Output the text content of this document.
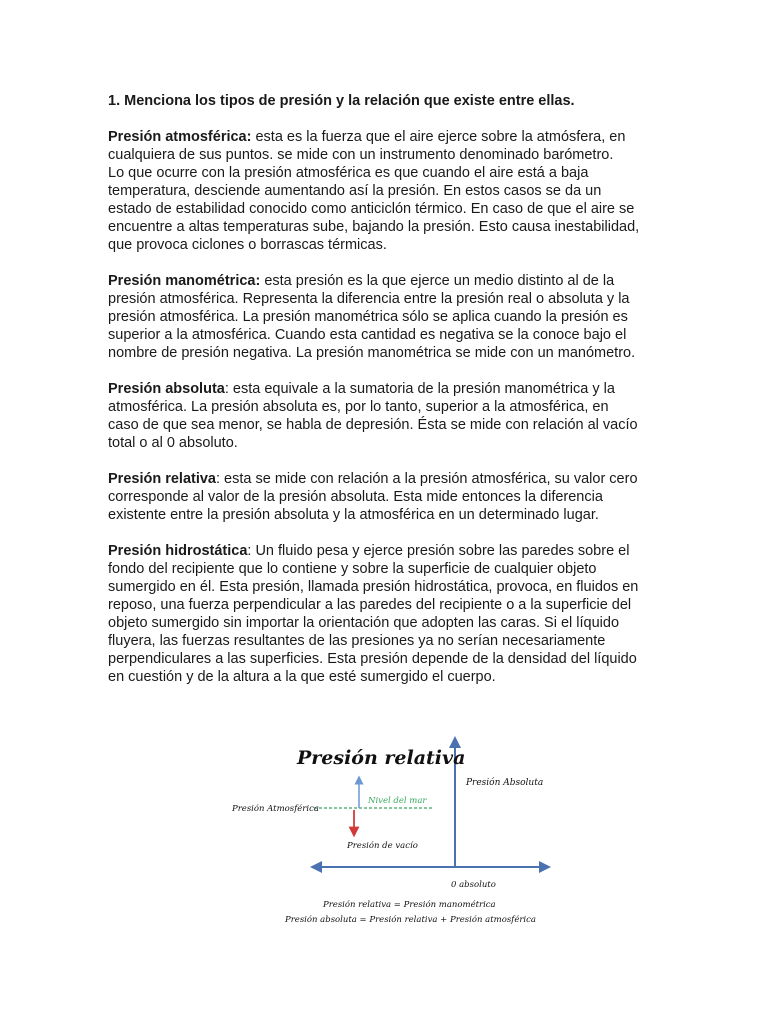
1. Menciona los tipos de presión y la relación que existe entre ellas.

Presión atmosférica: esta es la fuerza que el aire ejerce sobre la atmósfera, en
cualquiera de sus puntos. se mide con un instrumento denominado barómetro.
Lo que ocurre con la presión atmosférica es que cuando el aire está a baja
temperatura, desciende aumentando así la presión. En estos casos se da un
estado de estabilidad conocido como anticiclón térmico. En caso de que el aire se
encuentre a altas temperaturas sube, bajando la presión. Esto causa inestabilidad,
que provoca ciclones o borrascas térmicas.

Presión manométrica: esta presión es la que ejerce un medio distinto al de la
presión atmosférica. Representa la diferencia entre la presión real o absoluta y la
presión atmosférica. La presión manométrica sólo se aplica cuando la presión es
superior a la atmosférica. Cuando esta cantidad es negativa se la conoce bajo el
nombre de presión negativa. La presión manométrica se mide con un manómetro.

Presión absoluta: esta equivale a la sumatoria de la presión manométrica y la
atmosférica. La presión absoluta es, por lo tanto, superior a la atmosférica, en
caso de que sea menor, se habla de depresión. Ésta se mide con relación al vacío
total o al 0 absoluto.

Presión relativa: esta se mide con relación a la presión atmosférica, su valor cero
corresponde al valor de la presión absoluta. Esta mide entonces la diferencia
existente entre la presión absoluta y la atmosférica en un determinado lugar.

Presión hidrostática: Un fluido pesa y ejerce presión sobre las paredes sobre el
fondo del recipiente que lo contiene y sobre la superficie de cualquier objeto
sumergido en él. Esta presión, llamada presión hidrostática, provoca, en fluidos en
reposo, una fuerza perpendicular a las paredes del recipiente o a la superficie del
objeto sumergido sin importar la orientación que adopten las caras. Si el líquido
fluyera, las fuerzas resultantes de las presiones ya no serían necesariamente
perpendiculares a las superficies. Esta presión depende de la densidad del líquido
en cuestión y de la altura a la que esté sumergido el cuerpo.

Presión relativa
Presión Absoluta
Presión Atmosférica
Nivel del mar
Presión de vacío
0 absoluto
Presión relativa = Presión manométrica
Presión absoluta = Presión relativa + Presión atmosférica
